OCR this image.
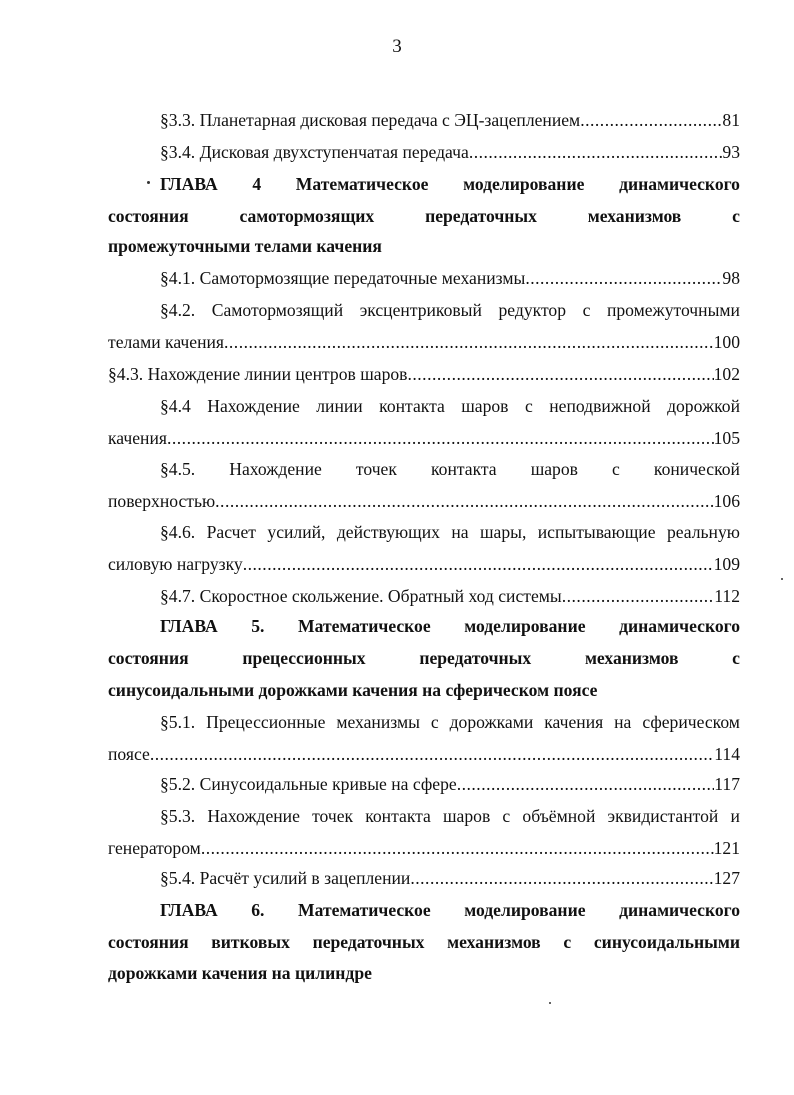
3
§3.3. Планетарная дисковая передача с ЭЦ-зацеплением .....	81
§3.4. Дисковая двухступенчатая передача .....	93
ГЛАВА 4 Математическое моделирование динамического
состояния	самотормозящих	передаточных	механизмов	с
промежуточными телами качения
§4.1. Самотормозящие передаточные механизмы .....	98
§4.2. Самотормозящий эксцентриковый редуктор с промежуточными
телами качения .....	100
§4.3. Нахождение линии центров шаров .....	102
§4.4 Нахождение линии контакта шаров с неподвижной дорожкой
качения .....	105
§4.5. Нахождение точек контакта шаров с конической
поверхностью .....	106
§4.6. Расчет усилий, действующих на шары, испытывающие реальную
силовую нагрузку .....	109
§4.7. Скоростное скольжение. Обратный ход системы .....	112
ГЛАВА 5. Математическое моделирование динамического
состояния	прецессионных	передаточных	механизмов	с
синусоидальными дорожками качения на сферическом поясе
§5.1. Прецессионные механизмы с дорожками качения на сферическом
поясе .....	114
§5.2. Синусоидальные кривые на сфере .....	117
§5.3. Нахождение точек контакта шаров с объёмной эквидистантой и
генератором .....	121
§5.4. Расчёт усилий в зацеплении .....	127
ГЛАВА 6. Математическое моделирование динамического
состояния витковых передаточных механизмов с синусоидальными
дорожками качения на цилиндре
